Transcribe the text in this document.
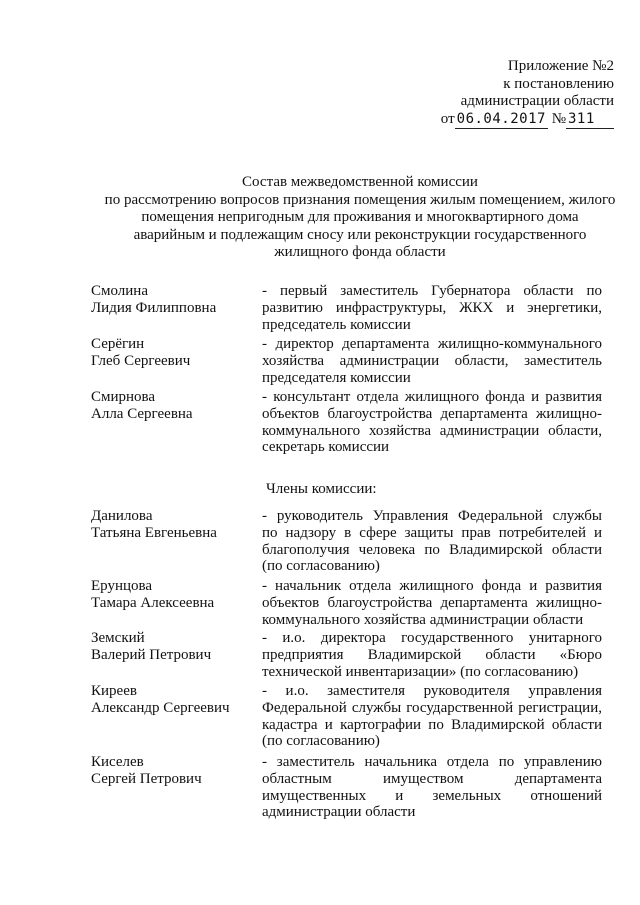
Приложение №2
к постановлению
администрации области
от 06.04.2017 № 311
Состав межведомственной комиссии
по рассмотрению вопросов признания помещения жилым помещением, жилого
помещения непригодным для проживания и многоквартирного дома
аварийным и подлежащим сносу или реконструкции государственного
жилищного фонда области
Смолина
Лидия Филипповна
- первый заместитель Губернатора области по
развитию инфраструктуры, ЖКХ и энергетики,
председатель комиссии
Серёгин
Глеб Сергеевич
- директор департамента жилищно-коммунального
хозяйства администрации области, заместитель
председателя комиссии
Смирнова
Алла Сергеевна
- консультант отдела жилищного фонда и развития
объектов благоустройства департамента жилищно-
коммунального хозяйства администрации области,
секретарь комиссии
Члены комиссии:
Данилова
Татьяна Евгеньевна
- руководитель Управления Федеральной службы
по надзору в сфере защиты прав потребителей и
благополучия человека по Владимирской области
(по согласованию)
Ерунцова
Тамара Алексеевна
- начальник отдела жилищного фонда и развития
объектов благоустройства департамента жилищно-
коммунального хозяйства администрации области
Земский
Валерий Петрович
- и.о. директора государственного унитарного
предприятия Владимирской области «Бюро
технической инвентаризации» (по согласованию)
Киреев
Александр Сергеевич
- и.о. заместителя руководителя управления
Федеральной службы государственной регистрации,
кадастра и картографии по Владимирской области
(по согласованию)
Киселев
Сергей Петрович
- заместитель начальника отдела по управлению
областным имуществом департамента
имущественных и земельных отношений
администрации области
